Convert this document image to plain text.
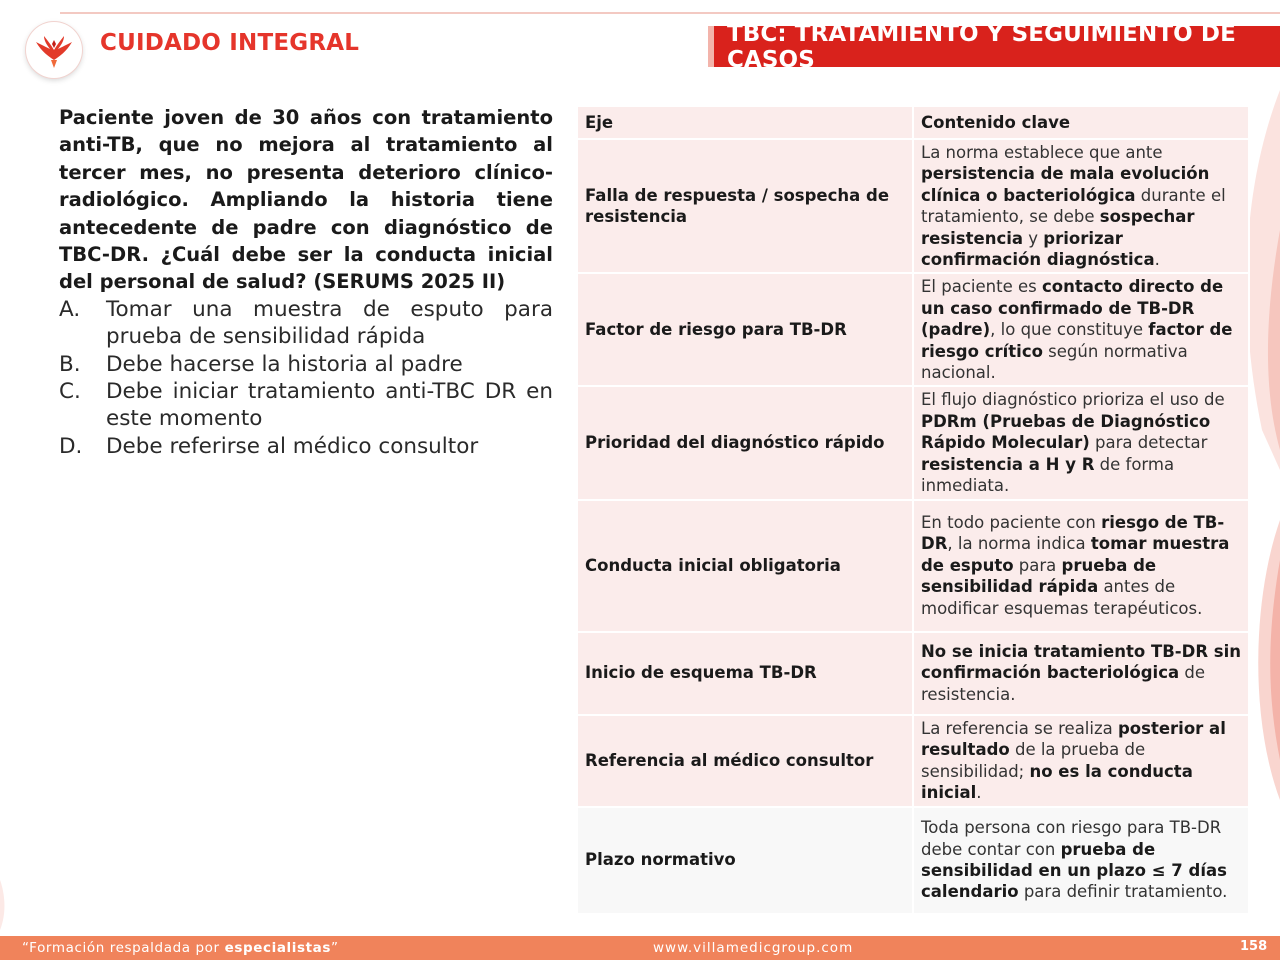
CUIDADO INTEGRAL	TBC: TRATAMIENTO Y SEGUIMIENTO DE CASOS

Paciente joven de 30 años con tratamiento anti-TB, que no mejora al tratamiento al tercer mes, no presenta deterioro clínico-radiológico. Ampliando la historia tiene antecedente de padre con diagnóstico de TBC-DR. ¿Cuál debe ser la conducta inicial del personal de salud? (SERUMS 2025 II)

A.	Tomar una muestra de esputo para prueba de sensibilidad rápida
B.	Debe hacerse la historia al padre
C.	Debe iniciar tratamiento anti-TBC DR en este momento
D.	Debe referirse al médico consultor
Eje	Contenido clave
Falla de respuesta / sospecha de resistencia	La norma establece que ante persistencia de mala evolución clínica o bacteriológica durante el tratamiento, se debe sospechar resistencia y priorizar confirmación diagnóstica.
Factor de riesgo para TB-DR	El paciente es contacto directo de un caso confirmado de TB-DR (padre), lo que constituye factor de riesgo crítico según normativa nacional.
Prioridad del diagnóstico rápido	El flujo diagnóstico prioriza el uso de PDRm (Pruebas de Diagnóstico Rápido Molecular) para detectar resistencia a H y R de forma inmediata.
Conducta inicial obligatoria	En todo paciente con riesgo de TB-DR, la norma indica tomar muestra de esputo para prueba de sensibilidad rápida antes de modificar esquemas terapéuticos.
Inicio de esquema TB-DR	No se inicia tratamiento TB-DR sin confirmación bacteriológica de resistencia.
Referencia al médico consultor	La referencia se realiza posterior al resultado de la prueba de sensibilidad; no es la conducta inicial.
Plazo normativo	Toda persona con riesgo para TB-DR debe contar con prueba de sensibilidad en un plazo ≤ 7 días calendario para definir tratamiento.
“Formación respaldada por especialistas”	www.villamedicgroup.com	158
